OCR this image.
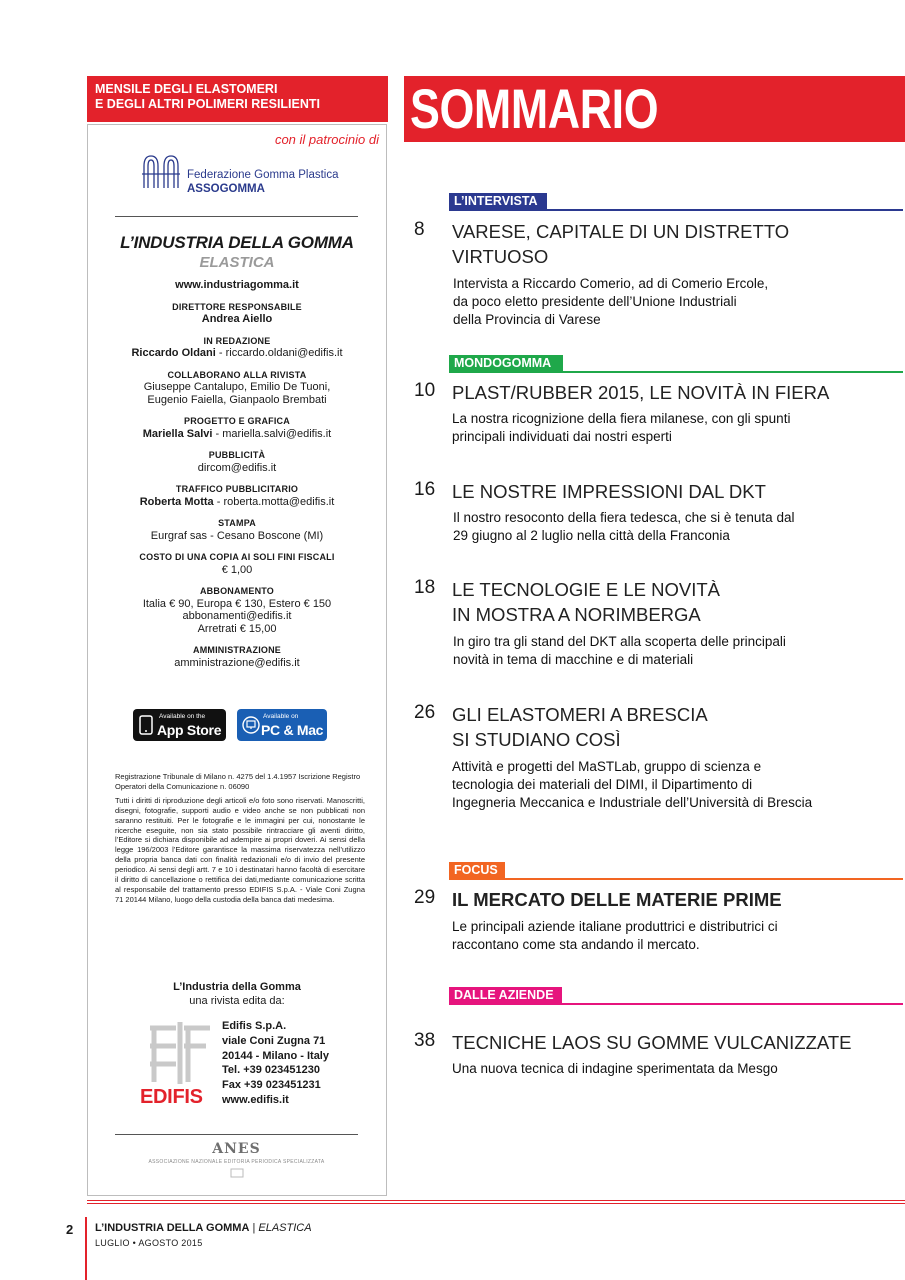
MENSILE DEGLI ELASTOMERI
E DEGLI ALTRI POLIMERI RESILIENTI
con il patrocinio di
Federazione Gomma Plastica
ASSOGOMMA
L’INDUSTRIA DELLA GOMMA
ELASTICA
www.industriagomma.it
DIRETTORE RESPONSABILE
Andrea Aiello
IN REDAZIONE
Riccardo Oldani - riccardo.oldani@edifis.it
COLLABORANO ALLA RIVISTA
Giuseppe Cantalupo, Emilio De Tuoni,
Eugenio Faiella, Gianpaolo Brembati
PROGETTO E GRAFICA
Mariella Salvi - mariella.salvi@edifis.it
PUBBLICITÀ
dircom@edifis.it
TRAFFICO PUBBLICITARIO
Roberta Motta - roberta.motta@edifis.it
STAMPA
Eurgraf sas - Cesano Boscone (MI)
COSTO DI UNA COPIA AI SOLI FINI FISCALI
€ 1,00
ABBONAMENTO
Italia € 90, Europa € 130, Estero € 150
abbonamenti@edifis.it
Arretrati € 15,00
AMMINISTRAZIONE
amministrazione@edifis.it
Available on the
App Store
Available on
PC & Mac

Registrazione Tribunale di Milano n. 4275 del 1.4.1957 Iscrizione Registro Operatori della Comunicazione n. 06090

Tutti i diritti di riproduzione degli articoli e/o foto sono riservati. Manoscritti, disegni, fotografie, supporti audio e video anche se non pubblicati non saranno restituiti. Per le fotografie e le immagini per cui, nonostante le ricerche eseguite, non sia stato possibile rintracciare gli aventi diritto, l’Editore si dichiara disponibile ad adempire ai propri doveri. Ai sensi della legge 196/2003 l’Editore garantisce la massima riservatezza nell’utilizzo della propria banca dati con finalità redazionali e/o di invio del presente periodico. Ai sensi degli artt. 7 e 10 i destinatari hanno facoltà di esercitare il diritto di cancellazione o rettifica dei dati,mediante comunicazione scritta al responsabile del trattamento presso EDIFIS S.p.A. - Viale Coni Zugna 71 20144 Milano, luogo della custodia della banca dati medesima.

L’Industria della Gomma
una rivista edita da:
EDIFIS
Edifis S.p.A.
viale Coni Zugna 71
20144 - Milano - Italy
Tel. +39 023451230
Fax +39 023451231
www.edifis.it
ANES
ASSOCIAZIONE NAZIONALE EDITORIA PERIODICA SPECIALIZZATA
SOMMARIO
L’INTERVISTA
8	VARESE, CAPITALE DI UN DISTRETTO
VIRTUOSO
Intervista a Riccardo Comerio, ad di Comerio Ercole,
da poco eletto presidente dell’Unione Industriali
della Provincia di Varese
MONDOGOMMA
10 PLAST/RUBBER 2015, LE NOVITÀ IN FIERA
La nostra ricognizione della fiera milanese, con gli spunti
principali individuati dai nostri esperti
16 LE NOSTRE IMPRESSIONI DAL DKT
Il nostro resoconto della fiera tedesca, che si è tenuta dal
29 giugno al 2 luglio nella città della Franconia
18 LE TECNOLOGIE E LE NOVITÀ
IN MOSTRA A NORIMBERGA
In giro tra gli stand del DKT alla scoperta delle principali
novità in tema di macchine e di materiali
26 GLI ELASTOMERI A BRESCIA
SI STUDIANO COSÌ
Attività e progetti del MaSTLab, gruppo di scienza e
tecnologia dei materiali del DIMI, il Dipartimento di
Ingegneria Meccanica e Industriale dell’Università di Brescia
FOCUS
29 IL MERCATO DELLE MATERIE PRIME
Le principali aziende italiane produttrici e distributrici ci
raccontano come sta andando il mercato.
DALLE AZIENDE
38 TECNICHE LAOS SU GOMME VULCANIZZATE
Una nuova tecnica di indagine sperimentata da Mesgo
2 L’INDUSTRIA DELLA GOMMA | ELASTICA
LUGLIO • AGOSTO 2015
